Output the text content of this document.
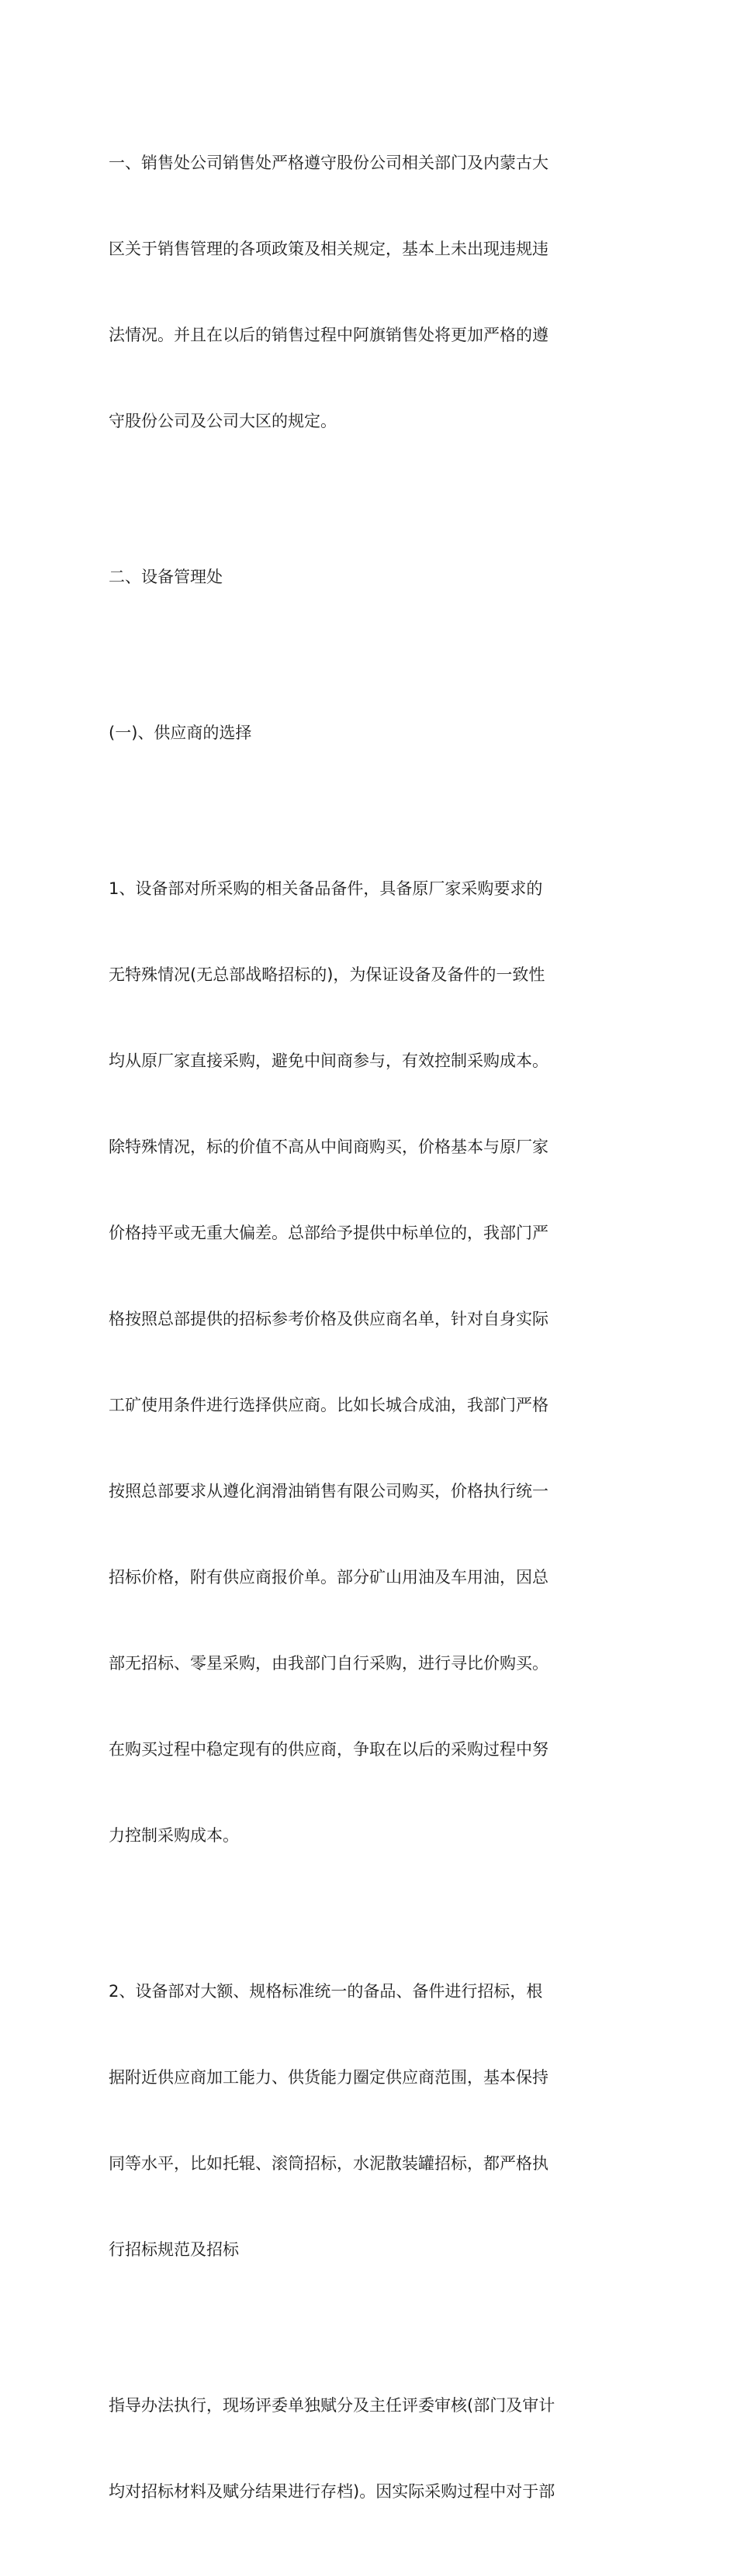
一、销售处公司销售处严格遵守股份公司相关部门及内蒙古大

区关于销售管理的各项政策及相关规定，基本上未出现违规违

法情况。并且在以后的销售过程中阿旗销售处将更加严格的遵

守股份公司及公司大区的规定。

二、设备管理处

(一)、供应商的选择

1、设备部对所采购的相关备品备件，具备原厂家采购要求的

无特殊情况(无总部战略招标的)，为保证设备及备件的一致性

均从原厂家直接采购，避免中间商参与，有效控制采购成本。

除特殊情况，标的价值不高从中间商购买，价格基本与原厂家

价格持平或无重大偏差。总部给予提供中标单位的，我部门严

格按照总部提供的招标参考价格及供应商名单，针对自身实际

工矿使用条件进行选择供应商。比如长城合成油，我部门严格

按照总部要求从遵化润滑油销售有限公司购买，价格执行统一

招标价格，附有供应商报价单。部分矿山用油及车用油，因总

部无招标、零星采购，由我部门自行采购，进行寻比价购买。

在购买过程中稳定现有的供应商，争取在以后的采购过程中努

力控制采购成本。

2、设备部对大额、规格标准统一的备品、备件进行招标，根

据附近供应商加工能力、供货能力圈定供应商范围，基本保持

同等水平，比如托辊、滚筒招标，水泥散装罐招标，都严格执

行招标规范及招标

指导办法执行，现场评委单独赋分及主任评委审核(部门及审计

均对招标材料及赋分结果进行存档)。因实际采购过程中对于部
